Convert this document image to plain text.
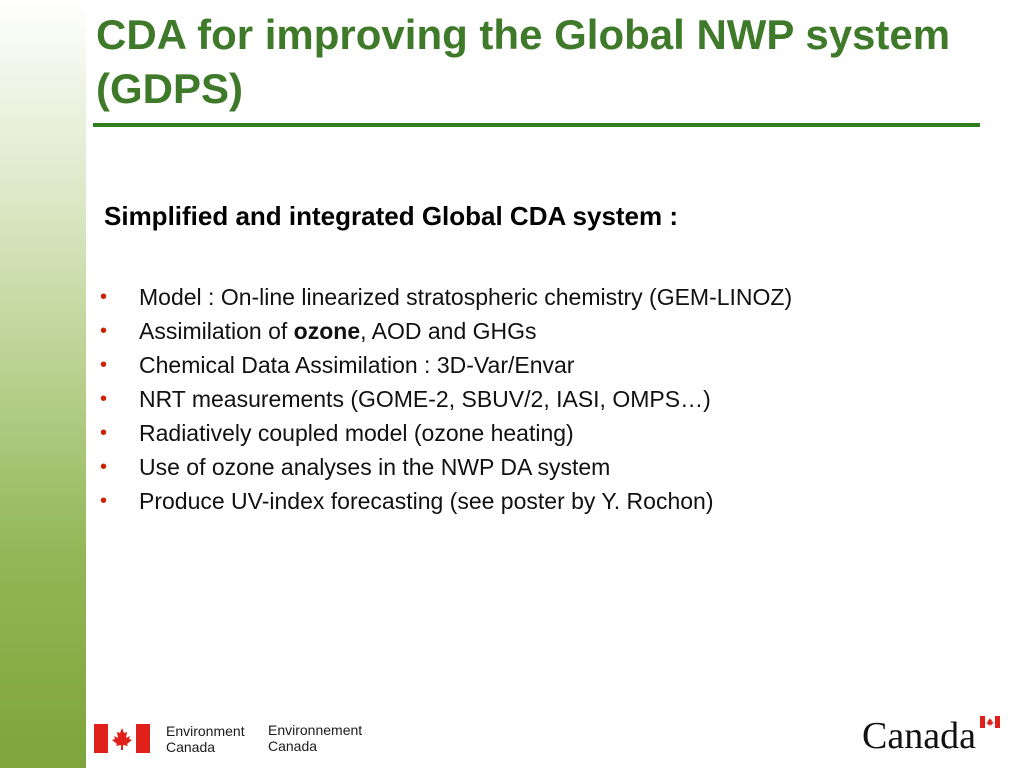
CDA for improving the Global NWP system (GDPS)

Simplified and integrated Global CDA system :

• Model : On-line linearized stratospheric chemistry (GEM-LINOZ)
• Assimilation of ozone, AOD and GHGs
• Chemical Data Assimilation : 3D-Var/Envar
• NRT measurements (GOME-2, SBUV/2, IASI, OMPS…)
• Radiatively coupled model (ozone heating)
• Use of ozone analyses in the NWP DA system
• Produce UV-index forecasting (see poster by Y. Rochon)
Environment
Canada
Environnement
Canada	Canada
